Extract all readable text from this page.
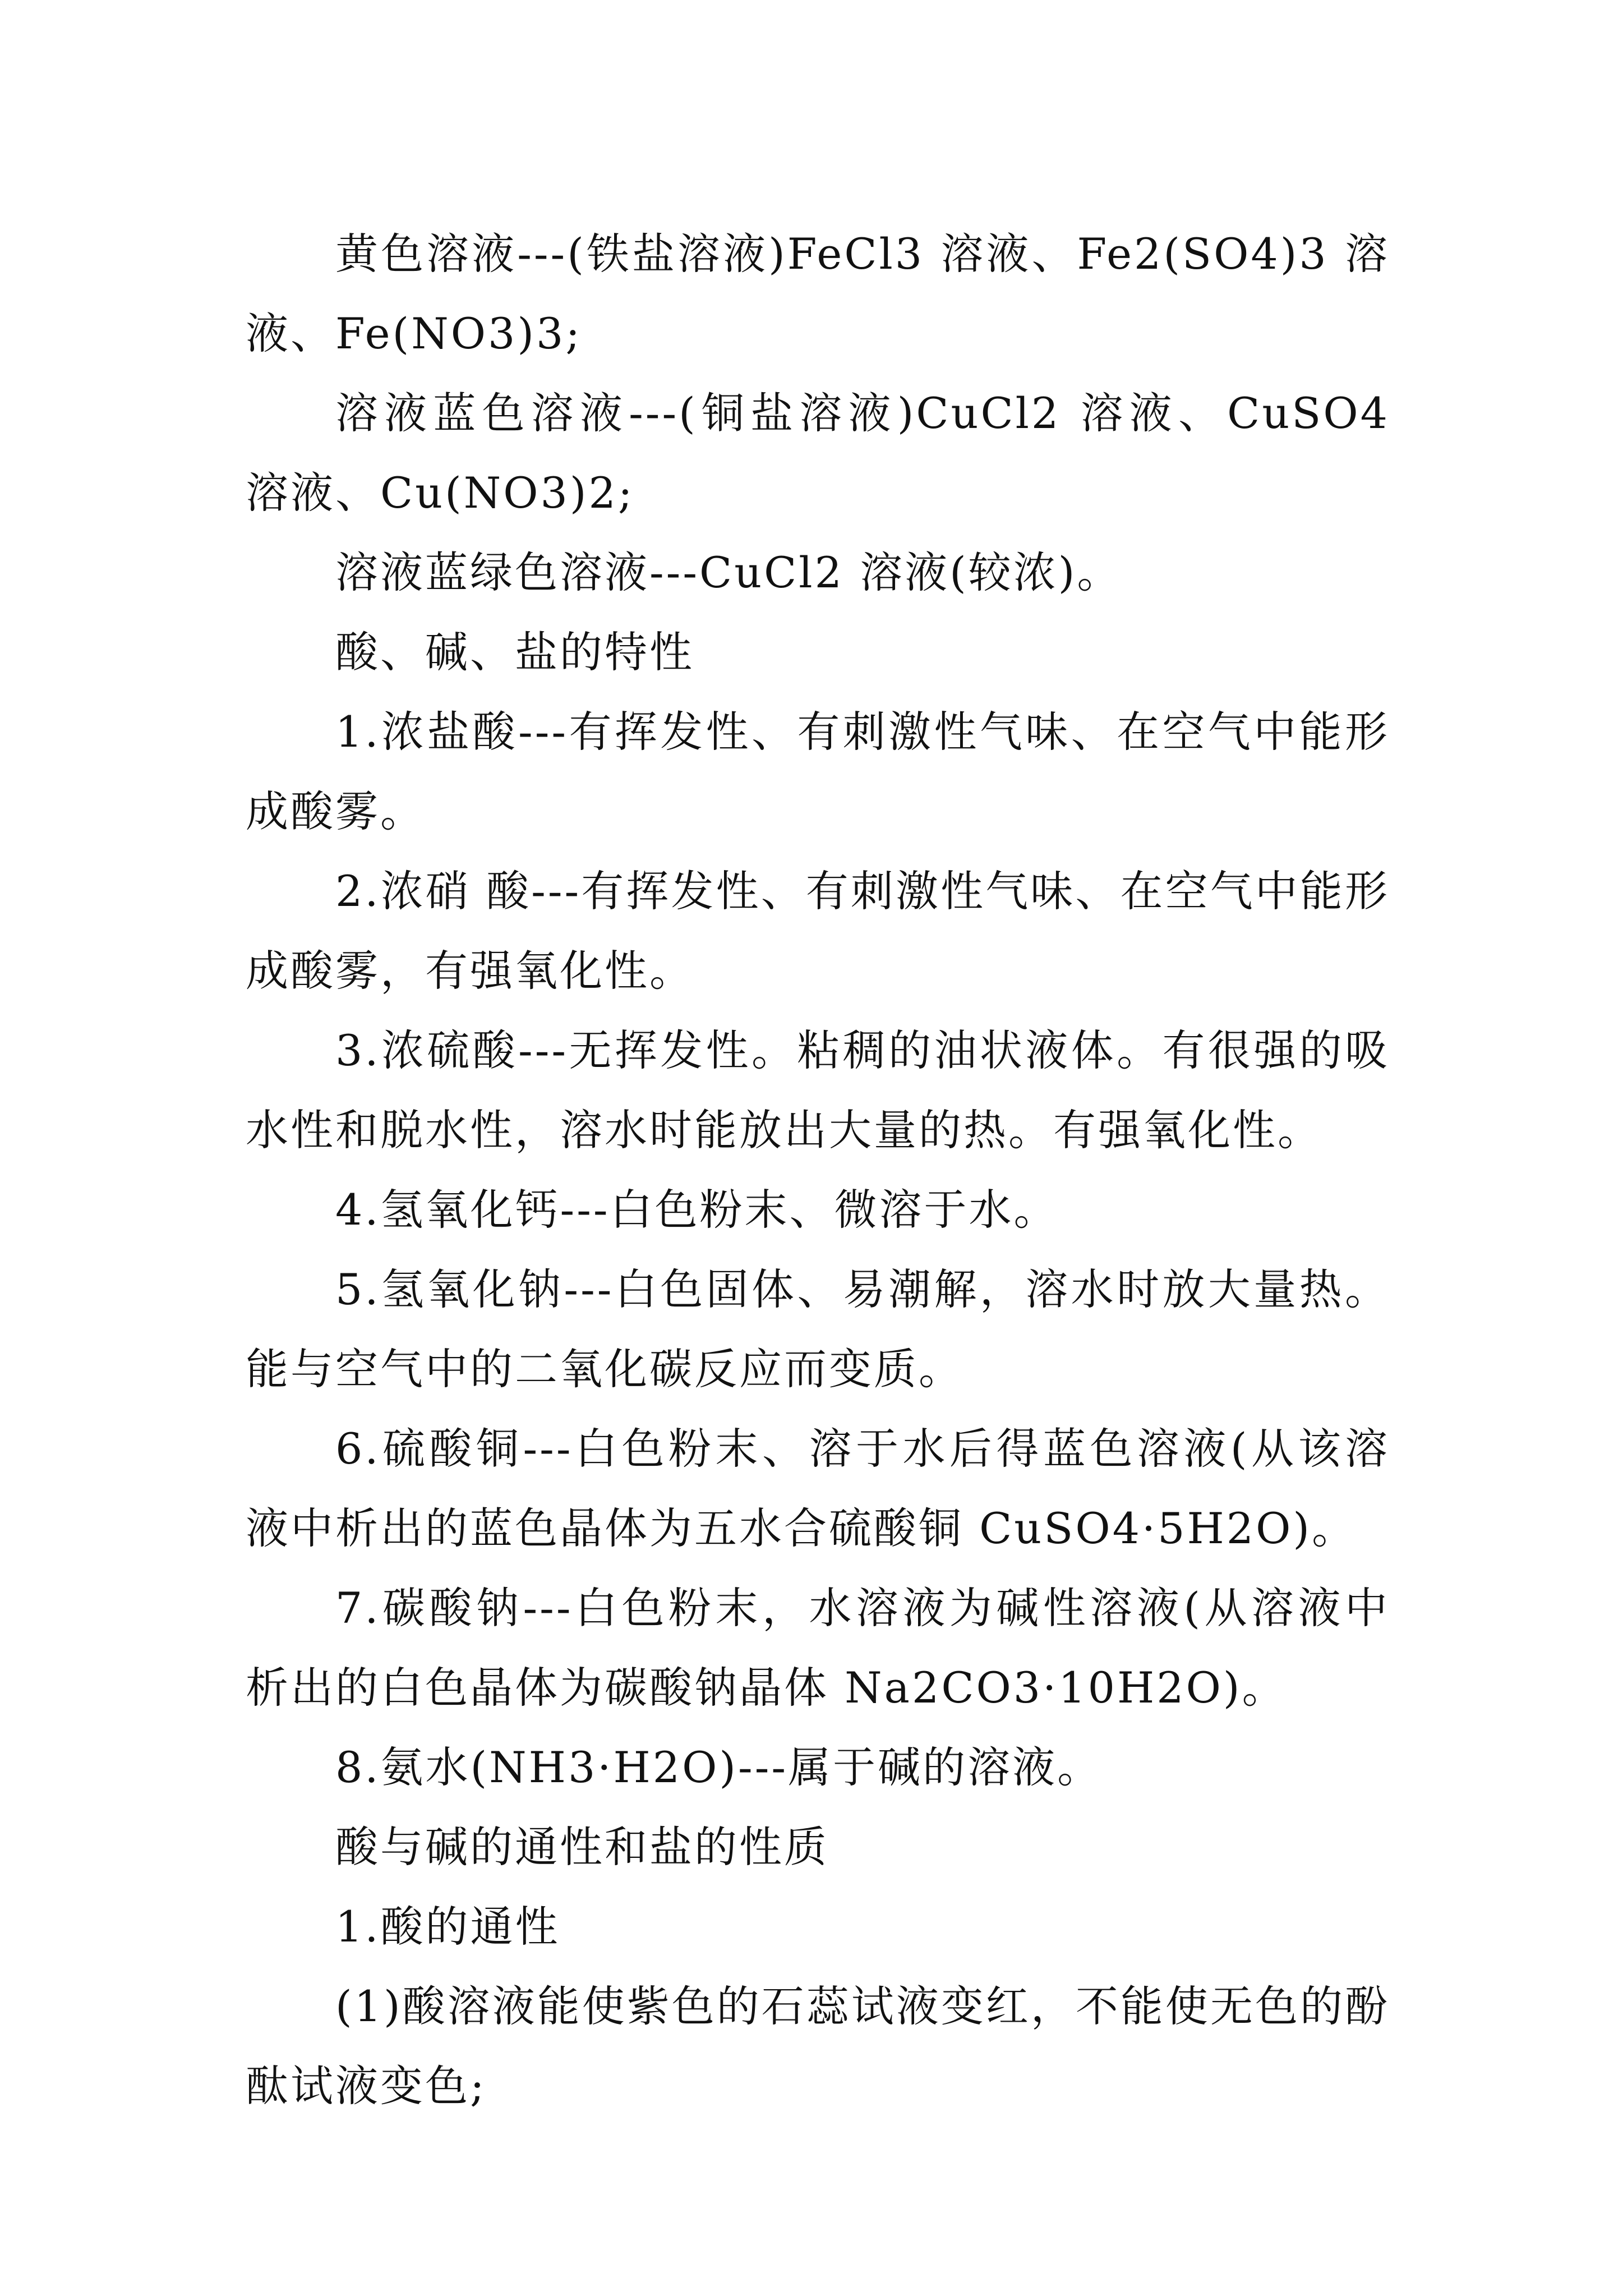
黄色溶液---(铁盐溶液)FeCl3 溶液、Fe2(SO4)3 溶液、Fe(NO3)3;

溶液蓝色溶液---(铜盐溶液)CuCl2 溶液、CuSO4 溶液、Cu(NO3)2;

溶液蓝绿色溶液---CuCl2 溶液(较浓)。

酸、碱、盐的特性

1.浓盐酸---有挥发性、有刺激性气味、在空气中能形成酸雾。

2.浓硝 酸---有挥发性、有刺激性气味、在空气中能形成酸雾，有强氧化性。

3.浓硫酸---无挥发性。粘稠的油状液体。有很强的吸水性和脱水性，溶水时能放出大量的热。有强氧化性。

4.氢氧化钙---白色粉末、微溶于水。

5.氢氧化钠---白色固体、易潮解，溶水时放大量热。能与空气中的二氧化碳反应而变质。

6.硫酸铜---白色粉末、溶于水后得蓝色溶液(从该溶液中析出的蓝色晶体为五水合硫酸铜 CuSO4·5H2O)。

7.碳酸钠---白色粉末，水溶液为碱性溶液(从溶液中析出的白色晶体为碳酸钠晶体 Na2CO3·10H2O)。

8.氨水(NH3·H2O)---属于碱的溶液。

酸与碱的通性和盐的性质

1.酸的通性

(1)酸溶液能使紫色的石蕊试液变红，不能使无色的酚酞试液变色;
